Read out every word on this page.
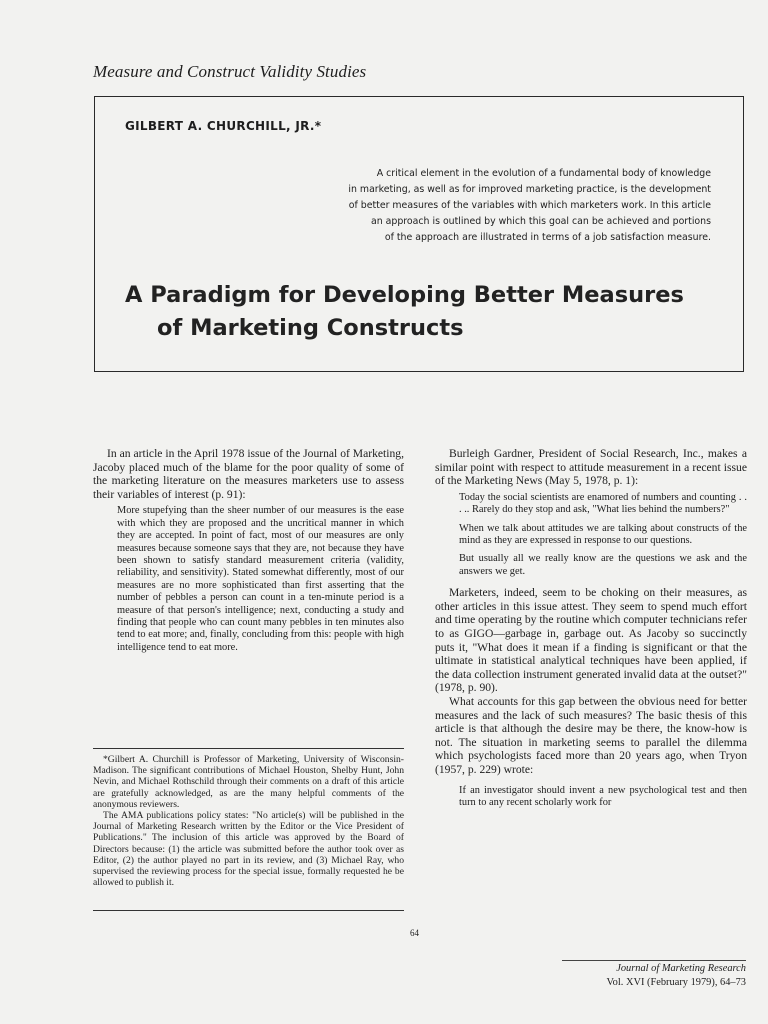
Measure and Construct Validity Studies
GILBERT A. CHURCHILL, JR.*
A critical element in the evolution of a fundamental body of knowledge
in marketing, as well as for improved marketing practice, is the development
of better measures of the variables with which marketers work. In this article
an approach is outlined by which this goal can be achieved and portions
of the approach are illustrated in terms of a job satisfaction measure.
A Paradigm for Developing Better Measures
of Marketing Constructs

In an article in the April 1978 issue of the Journal of Marketing, Jacoby placed much of the blame for the poor quality of some of the marketing literature on the measures marketers use to assess their variables of interest (p. 91):

More stupefying than the sheer number of our measures is the ease with which they are proposed and the uncritical manner in which they are accepted. In point of fact, most of our measures are only measures because someone says that they are, not because they have been shown to satisfy standard measurement criteria (validity, reliability, and sensitivity). Stated somewhat differently, most of our measures are no more sophisticated than first asserting that the number of pebbles a person can count in a ten-minute period is a measure of that person's intelligence; next, conducting a study and finding that people who can count many pebbles in ten minutes also tend to eat more; and, finally, concluding from this: people with high intelligence tend to eat more.

*Gilbert A. Churchill is Professor of Marketing, University of Wisconsin-Madison. The significant contributions of Michael Houston, Shelby Hunt, John Nevin, and Michael Rothschild through their comments on a draft of this article are gratefully acknowledged, as are the many helpful comments of the anonymous reviewers.

The AMA publications policy states: "No article(s) will be published in the Journal of Marketing Research written by the Editor or the Vice President of Publications." The inclusion of this article was approved by the Board of Directors because: (1) the article was submitted before the author took over as Editor, (2) the author played no part in its review, and (3) Michael Ray, who supervised the reviewing process for the special issue, formally requested he be allowed to publish it.

Burleigh Gardner, President of Social Research, Inc., makes a similar point with respect to attitude measurement in a recent issue of the Marketing News (May 5, 1978, p. 1):

Today the social scientists are enamored of numbers and counting . . . .. Rarely do they stop and ask, "What lies behind the numbers?"

When we talk about attitudes we are talking about constructs of the mind as they are expressed in response to our questions.

But usually all we really know are the questions we ask and the answers we get.

Marketers, indeed, seem to be choking on their measures, as other articles in this issue attest. They seem to spend much effort and time operating by the routine which computer technicians refer to as GIGO—garbage in, garbage out. As Jacoby so succinctly puts it, "What does it mean if a finding is significant or that the ultimate in statistical analytical techniques have been applied, if the data collection instrument generated invalid data at the outset?" (1978, p. 90).

What accounts for this gap between the obvious need for better measures and the lack of such measures? The basic thesis of this article is that although the desire may be there, the know-how is not. The situation in marketing seems to parallel the dilemma which psychologists faced more than 20 years ago, when Tryon (1957, p. 229) wrote:

If an investigator should invent a new psychological test and then turn to any recent scholarly work for

64
Journal of Marketing Research
Vol. XVI (February 1979), 64–73
